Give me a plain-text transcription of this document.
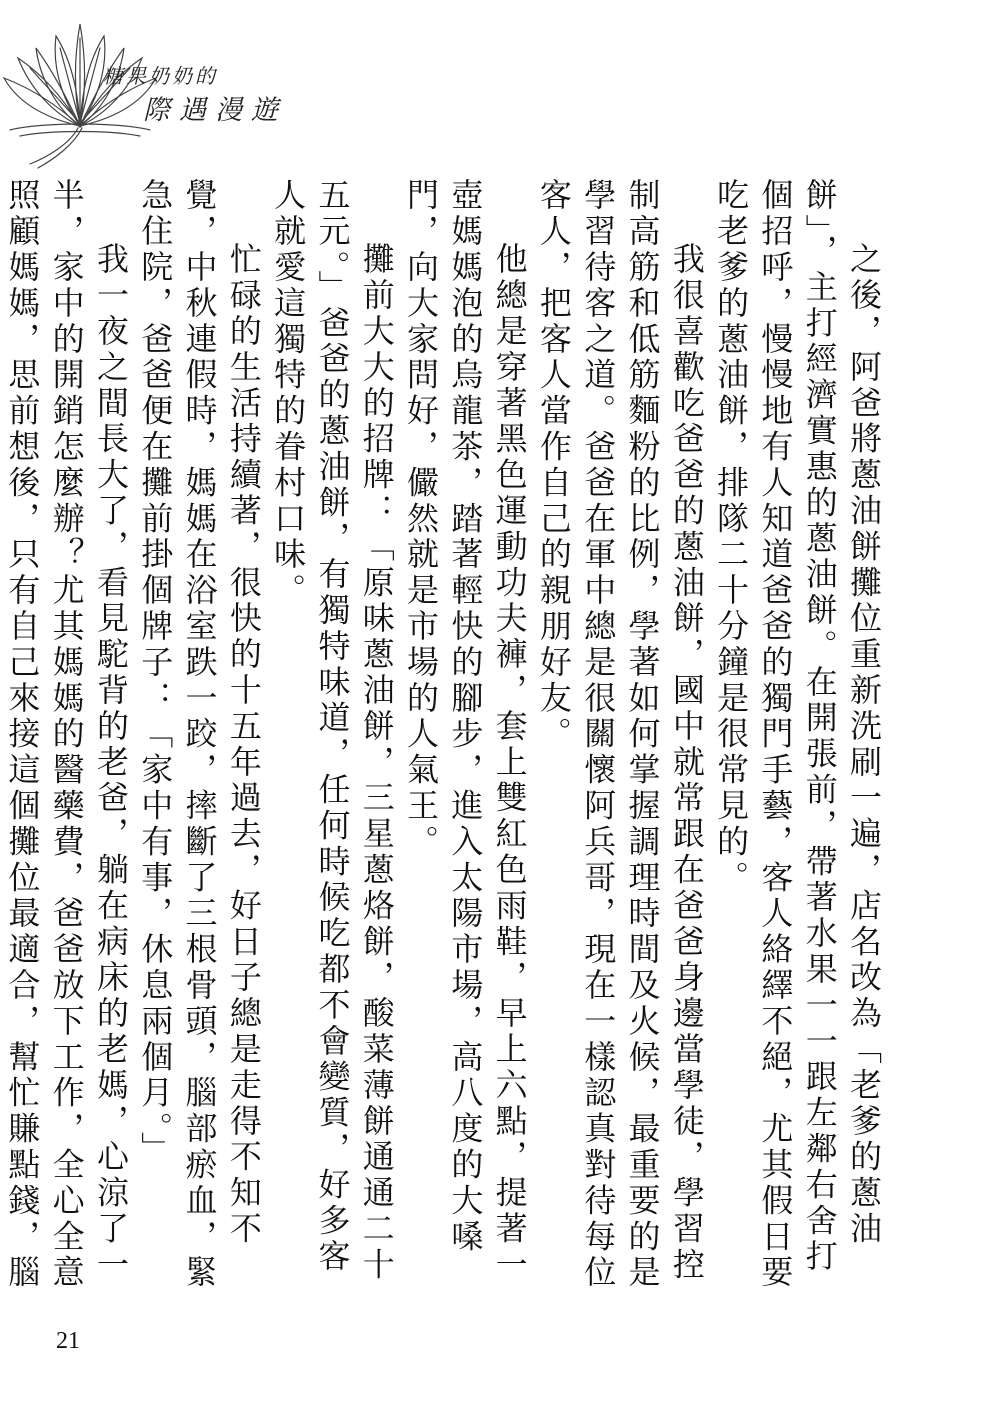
糖果奶奶的
際遇漫遊

之後，阿爸將蔥油餅攤位重新洗刷一遍，店名改為「老爹的蔥油餅」，主打經濟實惠的蔥油餅。在開張前，帶著水果一一跟左鄰右舍打個招呼，慢慢地有人知道爸爸的獨門手藝，客人絡繹不絕，尤其假日要吃老爹的蔥油餅，排隊二十分鐘是很常見的。

我很喜歡吃爸爸的蔥油餅，國中就常跟在爸爸身邊當學徒，學習控制高筋和低筋麵粉的比例，學著如何掌握調理時間及火候，最重要的是學習待客之道。爸爸在軍中總是很關懷阿兵哥，現在一樣認真對待每位客人，把客人當作自己的親朋好友。

他總是穿著黑色運動功夫褲，套上雙紅色雨鞋，早上六點，提著一壺媽媽泡的烏龍茶，踏著輕快的腳步，進入太陽市場，高八度的大嗓門，向大家問好，儼然就是市場的人氣王。

攤前大大的招牌：「原味蔥油餅，三星蔥烙餅，酸菜薄餅通通二十五元。」爸爸的蔥油餅，有獨特味道，任何時候吃都不會變質，好多客人就愛這獨特的眷村口味。

忙碌的生活持續著，很快的十五年過去，好日子總是走得不知不覺，中秋連假時，媽媽在浴室跌一跤，摔斷了三根骨頭，腦部瘀血，緊急住院，爸爸便在攤前掛個牌子：「家中有事，休息兩個月。」

我一夜之間長大了，看見駝背的老爸，躺在病床的老媽，心涼了一半，家中的開銷怎麼辦？尤其媽媽的醫藥費，爸爸放下工作，全心全意照顧媽媽，思前想後，只有自己來接這個攤位最適合，幫忙賺點錢，腦

21
